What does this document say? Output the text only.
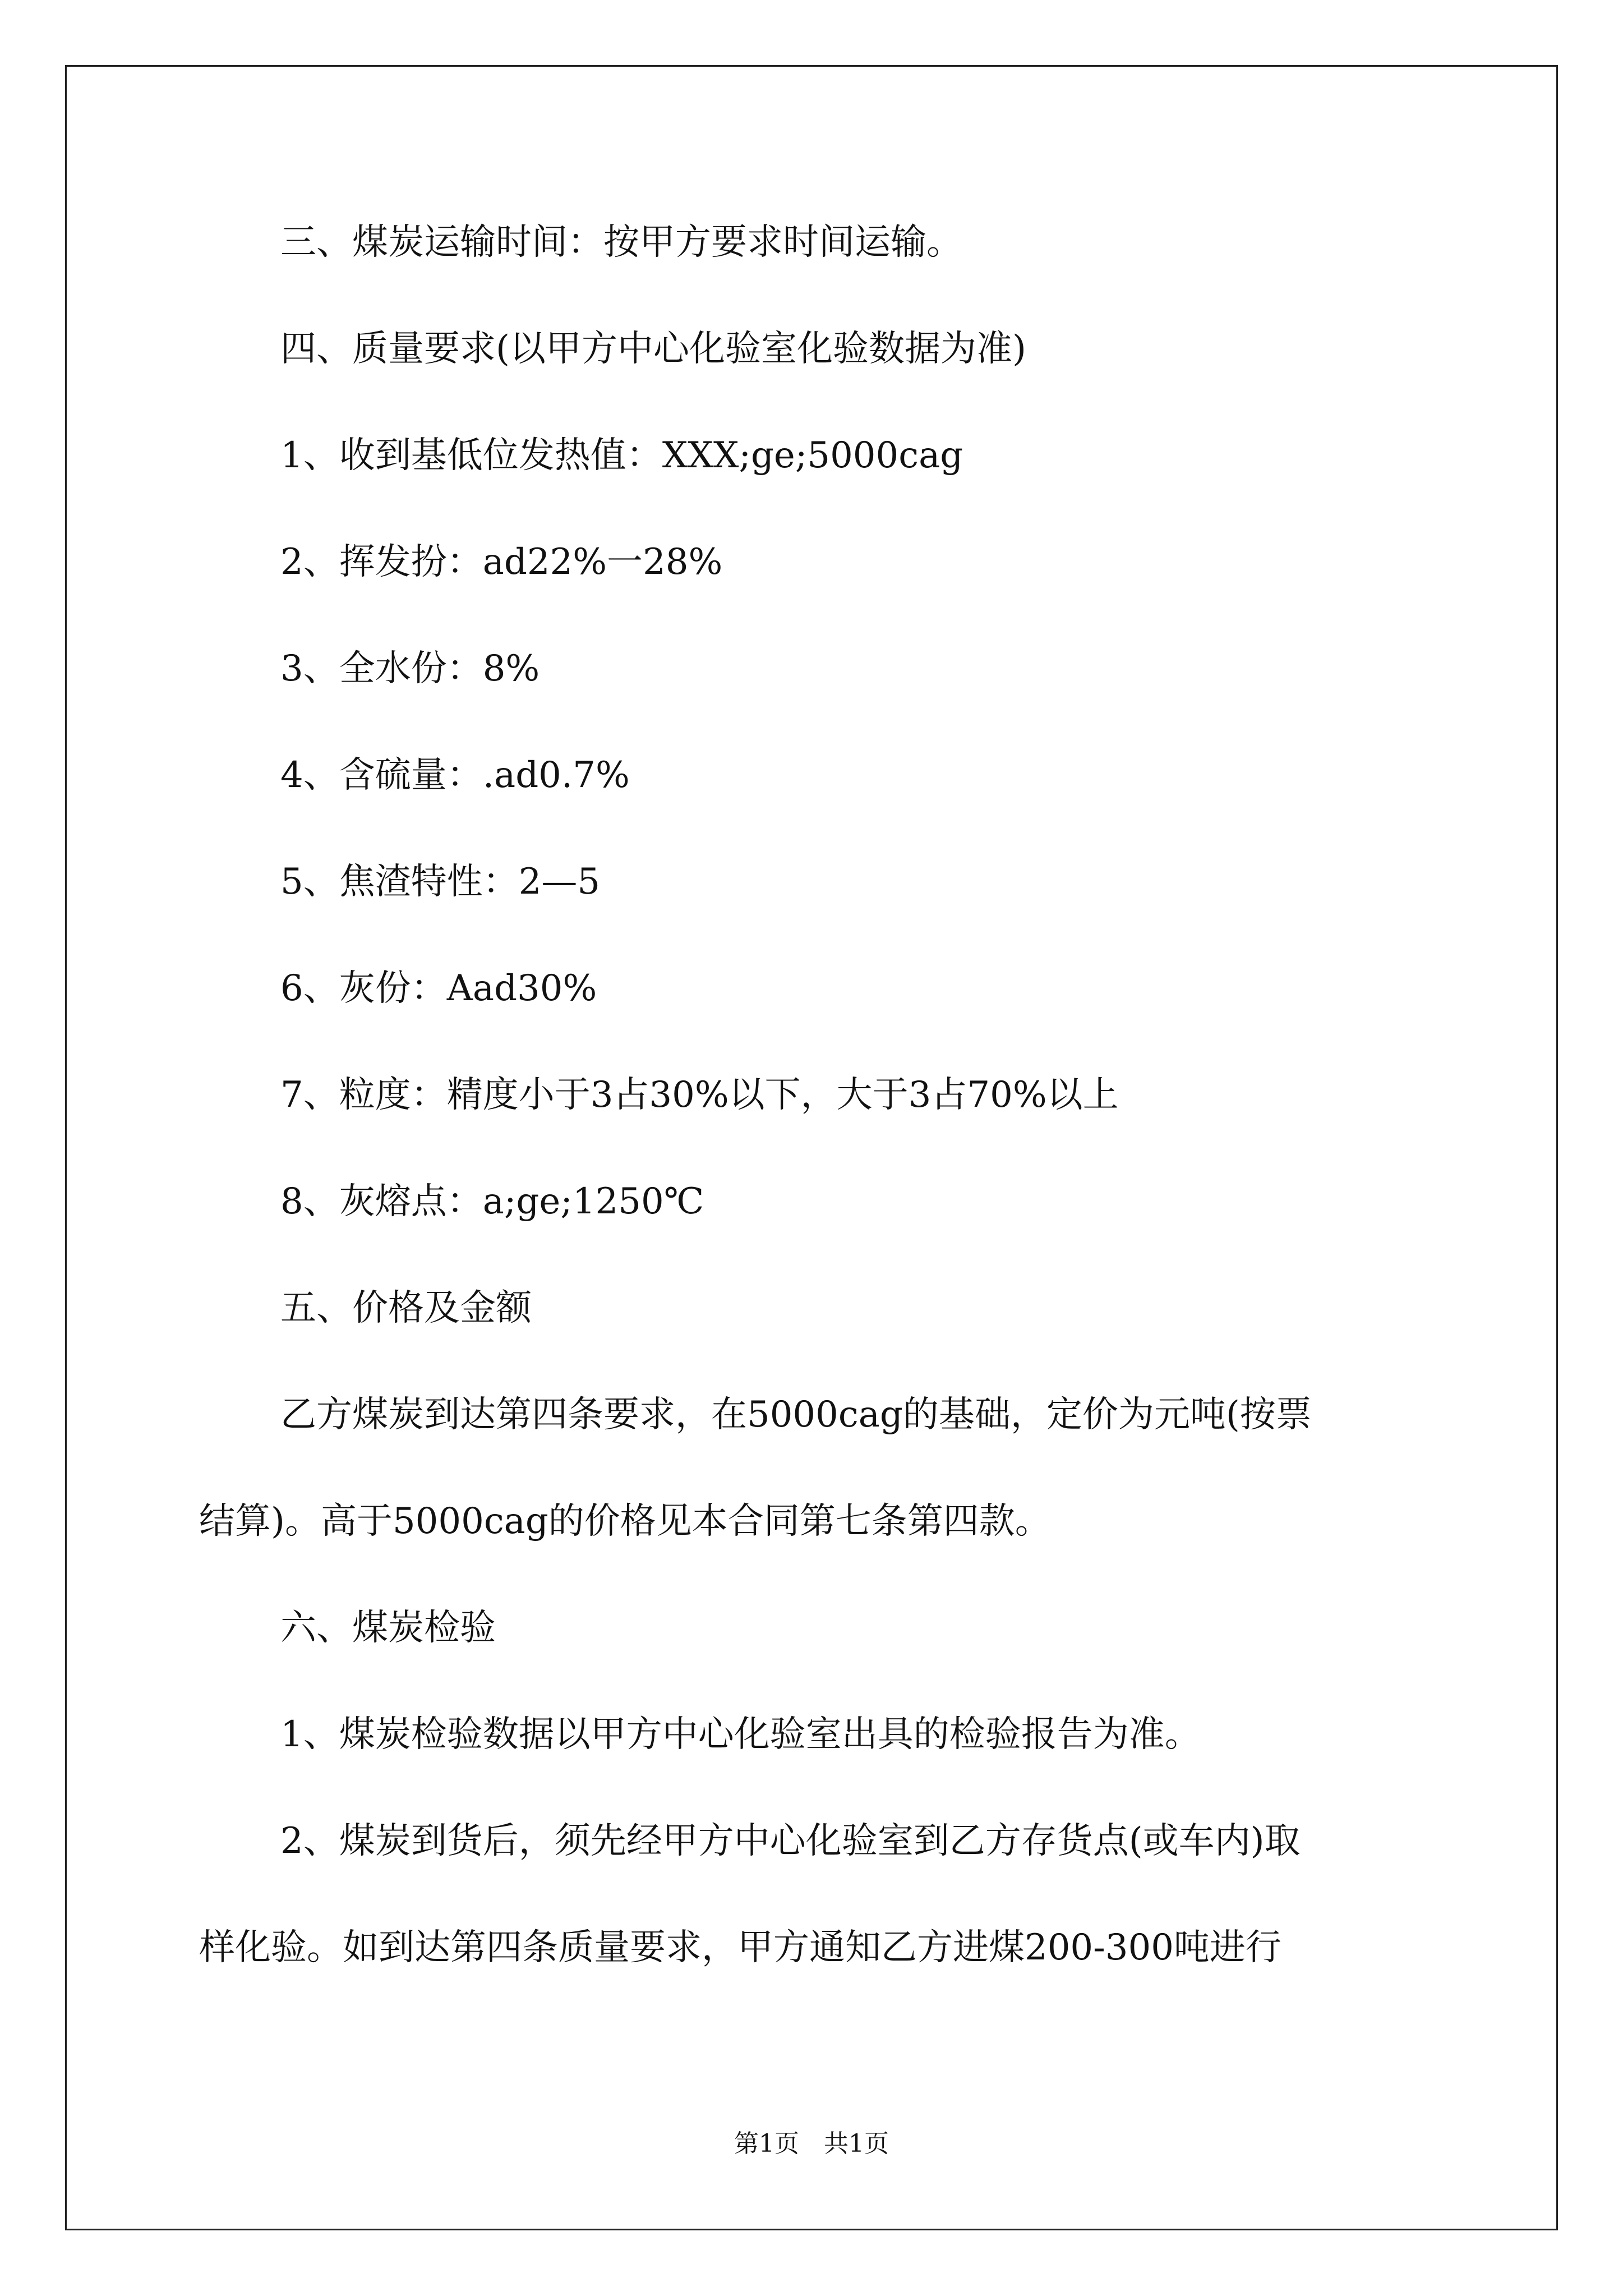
三、煤炭运输时间：按甲方要求时间运输。

四、质量要求(以甲方中心化验室化验数据为准)

1、收到基低位发热值：XXX;ge;5000cag

2、挥发扮：ad22%一28%

3、全水份：8%

4、含硫量：.ad0.7%

5、焦渣特性：2—5

6、灰份：Aad30%

7、粒度：精度小于3占30%以下，大于3占70%以上

8、灰熔点：a;ge;1250℃

五、价格及金额

乙方煤炭到达第四条要求，在5000cag的基础，定价为元吨(按票

结算)。高于5000cag的价格见本合同第七条第四款。

六、煤炭检验

1、煤炭检验数据以甲方中心化验室出具的检验报告为准。

2、煤炭到货后，须先经甲方中心化验室到乙方存货点(或车内)取

样化验。如到达第四条质量要求，甲方通知乙方进煤200-300吨进行

第1页 共1页
